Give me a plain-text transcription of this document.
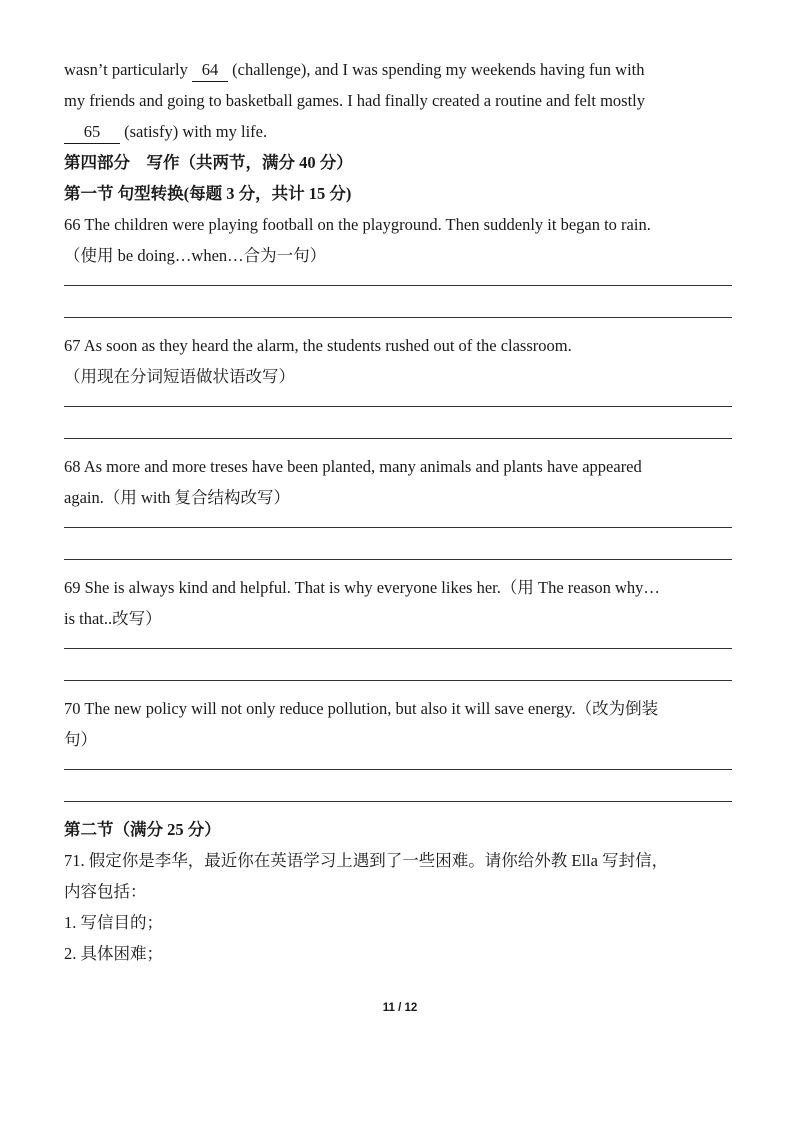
wasn’t particularly 64 (challenge), and I was spending my weekends having fun with

my friends and going to basketball games. I had finally created a routine and felt mostly

65 (satisfy) with my life.

第四部分　写作（共两节，满分 40 分）

第一节 句型转换(每题 3 分，共计 15 分)

66 The children were playing football on the playground. Then suddenly it began to rain.

（使用 be doing…when…合为一句）

67 As soon as they heard the alarm, the students rushed out of the classroom.

（用现在分词短语做状语改写）

68 As more and more treses have been planted, many animals and plants have appeared

again.（用 with 复合结构改写）

69 She is always kind and helpful. That is why everyone likes her.（用 The reason why…

is that..改写）

70 The new policy will not only reduce pollution, but also it will save energy.（改为倒装

句）

第二节（满分 25 分）

71. 假定你是李华，最近你在英语学习上遇到了一些困难。请你给外教 Ella 写封信，

内容包括：

1. 写信目的；

2. 具体困难；

11 / 12
